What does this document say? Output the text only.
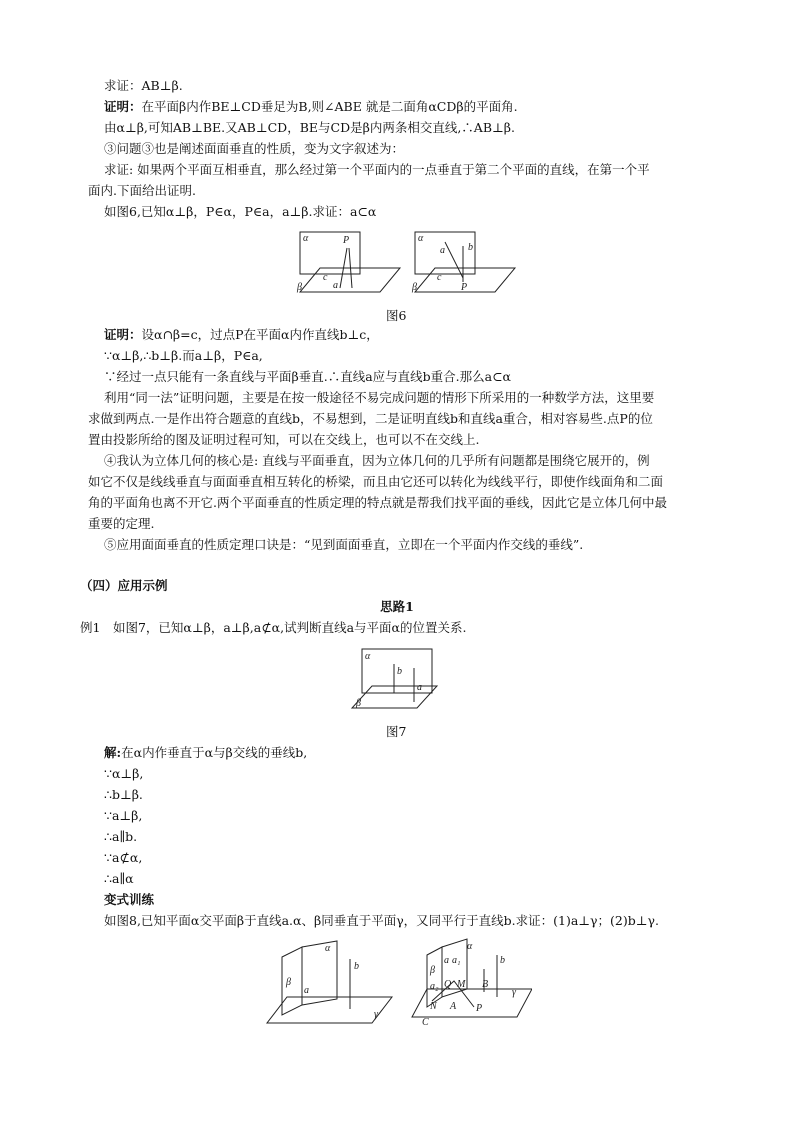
求证：AB⊥β.
证明：在平面β内作BE⊥CD垂足为B,则∠ABE 就是二面角αCDβ的平面角.
由α⊥β,可知AB⊥BE.又AB⊥CD，BE与CD是β内两条相交直线,∴AB⊥β.
③问题③也是阐述面面垂直的性质，变为文字叙述为：
求证: 如果两个平面互相垂直，那么经过第一个平面内的一点垂直于第二个平面的直线，在第一个平
面内.下面给出证明.
如图6,已知α⊥β，P∈α，P∈a，a⊥β.求证：a⊂α
α	P
c
a
β
α
a b
c
P
β
图6
证明：设α∩β=c，过点P在平面α内作直线b⊥c，
∵α⊥β,∴b⊥β.而a⊥β，P∈a,
∵经过一点只能有一条直线与平面β垂直.∴直线a应与直线b重合.那么a⊂α
利用“同一法”证明问题，主要是在按一般途径不易完成问题的情形下所采用的一种数学方法，这里要
求做到两点.一是作出符合题意的直线b，不易想到，二是证明直线b和直线a重合，相对容易些.点P的位
置由投影所给的图及证明过程可知，可以在交线上，也可以不在交线上.
④我认为立体几何的核心是: 直线与平面垂直，因为立体几何的几乎所有问题都是围绕它展开的，例
如它不仅是线线垂直与面面垂直相互转化的桥梁，而且由它还可以转化为线线平行，即使作线面角和二面
角的平面角也离不开它.两个平面垂直的性质定理的特点就是帮我们找平面的垂线，因此它是立体几何中最
重要的定理.
⑤应用面面垂直的性质定理口诀是：“见到面面垂直，立即在一个平面内作交线的垂线”.
（四）应用示例
思路1
例1　如图7，已知α⊥β，a⊥β,a⊄α,试判断直线a与平面α的位置关系.
α
b
a
β
图7
解:在α内作垂直于α与β交线的垂线b,
∵α⊥β,
∴b⊥β.
∵a⊥β,
∴a∥b.
∵a⊄α,
∴a∥α
变式训练
如图8,已知平面α交平面β于直线a.α、β同垂直于平面γ，又同平行于直线b.求证：(1)a⊥γ；(2)b⊥γ.
α
β
a
b
γ
α
β
a a₁
a₂ Q M B
b
N A P
γ
C
